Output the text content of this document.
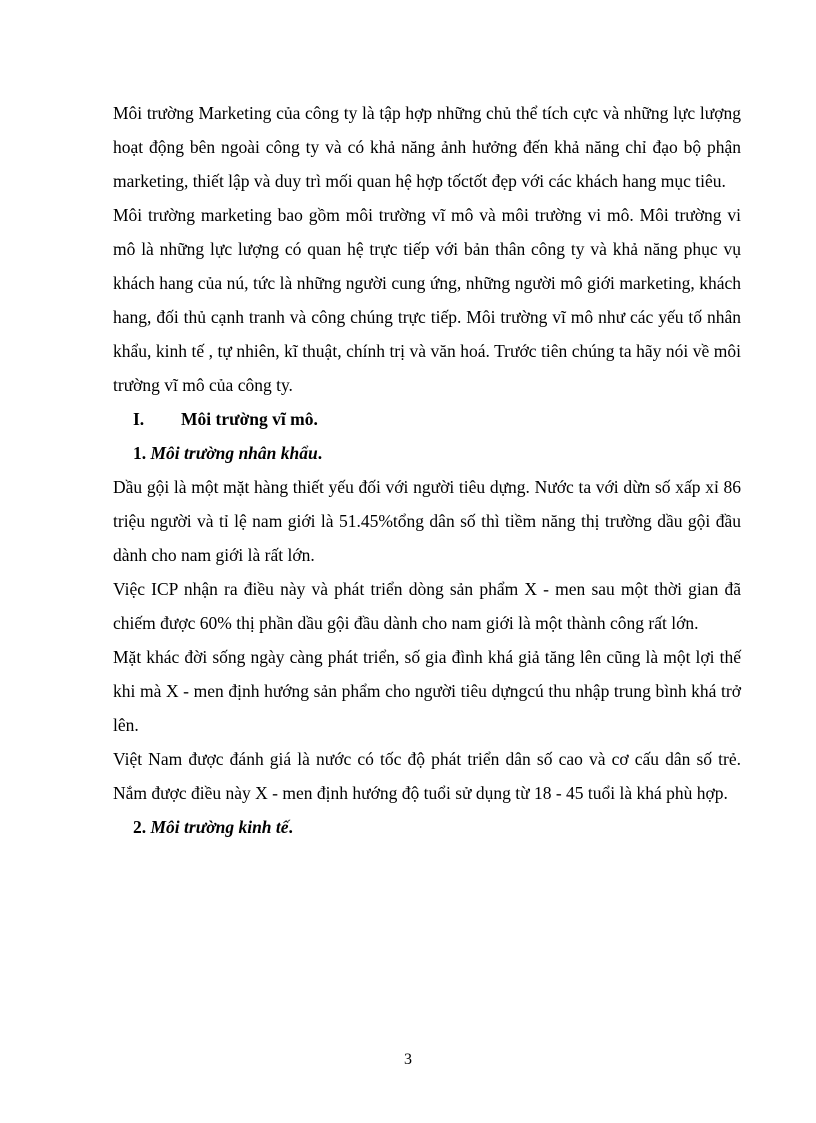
Môi trường Marketing của công ty là tập hợp những chủ thể tích cực và những lực lượng hoạt động bên ngoài công ty và có khả năng ảnh hưởng đến khả năng chỉ đạo bộ phận marketing, thiết lập và duy trì mối quan hệ hợp tốctốt đẹp với các khách hang mục tiêu.

Môi trường marketing bao gồm môi trường vĩ mô và môi trường vi mô. Môi trường vi mô là những lực lượng có quan hệ trực tiếp với bản thân công ty và khả năng phục vụ khách hang của nú, tức là những người cung ứng, những người mô giới marketing, khách hang, đối thủ cạnh tranh và công chúng trực tiếp. Môi trường vĩ mô như các yếu tố nhân khẩu, kinh tế , tự nhiên, kĩ thuật, chính trị và văn hoá. Trước tiên chúng ta hãy nói về môi trường vĩ mô của công ty.

I.	Môi trường vĩ mô.
1. Môi trường nhân khẩu.

Dầu gội là một mặt hàng thiết yếu đối với người tiêu dựng. Nước ta với dừn số xấp xỉ 86 triệu người và tỉ lệ nam giới là 51.45%tổng dân số thì tiềm năng thị trường dầu gội đầu dành cho nam giới là rất lớn.

Việc ICP nhận ra điều này và phát triển dòng sản phẩm X - men sau một thời gian đã chiếm được 60% thị phần dầu gội đầu dành cho nam giới là một thành công rất lớn.

Mặt khác đời sống ngày càng phát triển, số gia đình khá giả tăng lên cũng là một lợi thế khi mà X - men định hướng sản phẩm cho người tiêu dựngcú thu nhập trung bình khá trở lên.

Việt Nam được đánh giá là nước có tốc độ phát triển dân số cao và cơ cấu dân số trẻ. Nắm được điều này X - men định hướng độ tuổi sử dụng từ 18 - 45 tuổi là khá phù hợp.

2. Môi trường kinh tế.
3
